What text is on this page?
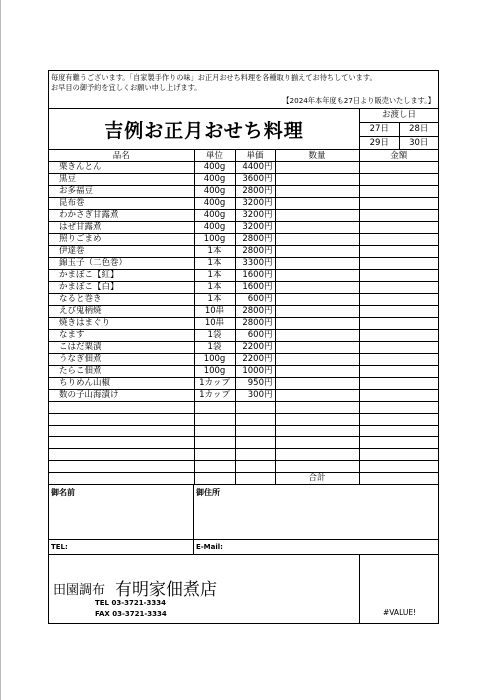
毎度有難うございます。「自家製手作りの味」お正月おせち料理を各種取り揃えてお待ちしています。
お早目の御予約を宜しくお願い申し上げます。
【2024年本年度も27日より販売いたします。】
吉例お正月おせち料理
お渡し日
27日	28日
29日	30日
品名	単位	単価	数量	金額
栗きんとん	400g	4400円		
黒豆	400g	3600円		
お多福豆	400g	2800円		
昆布巻	400g	3200円		
わかさぎ甘露煮	400g	3200円		
はぜ甘露煮	400g	3200円		
照りごまめ	100g	2800円		
伊達巻	1本	2800円		
錦玉子（二色巻）	1本	3300円		
かまぼこ【紅】	1本	1600円		
かまぼこ【白】	1本	1600円		
なると巻き	1本	600円		
えび鬼柄焼	10串	2800円		
焼きはまぐり	10串	2800円		
なます	1袋	600円		
こはだ粟漬	1袋	2200円		
うなぎ佃煮	100g	2200円		
たらこ佃煮	100g	1000円		
ちりめん山椒	1カップ	950円		
数の子山海漬け	1カップ	300円		

			合計	
御名前	御住所
TEL:	E-Mail:
田園調布 有明家佃煮店
TEL 03-3721-3334
FAX 03-3721-3334	#VALUE!
